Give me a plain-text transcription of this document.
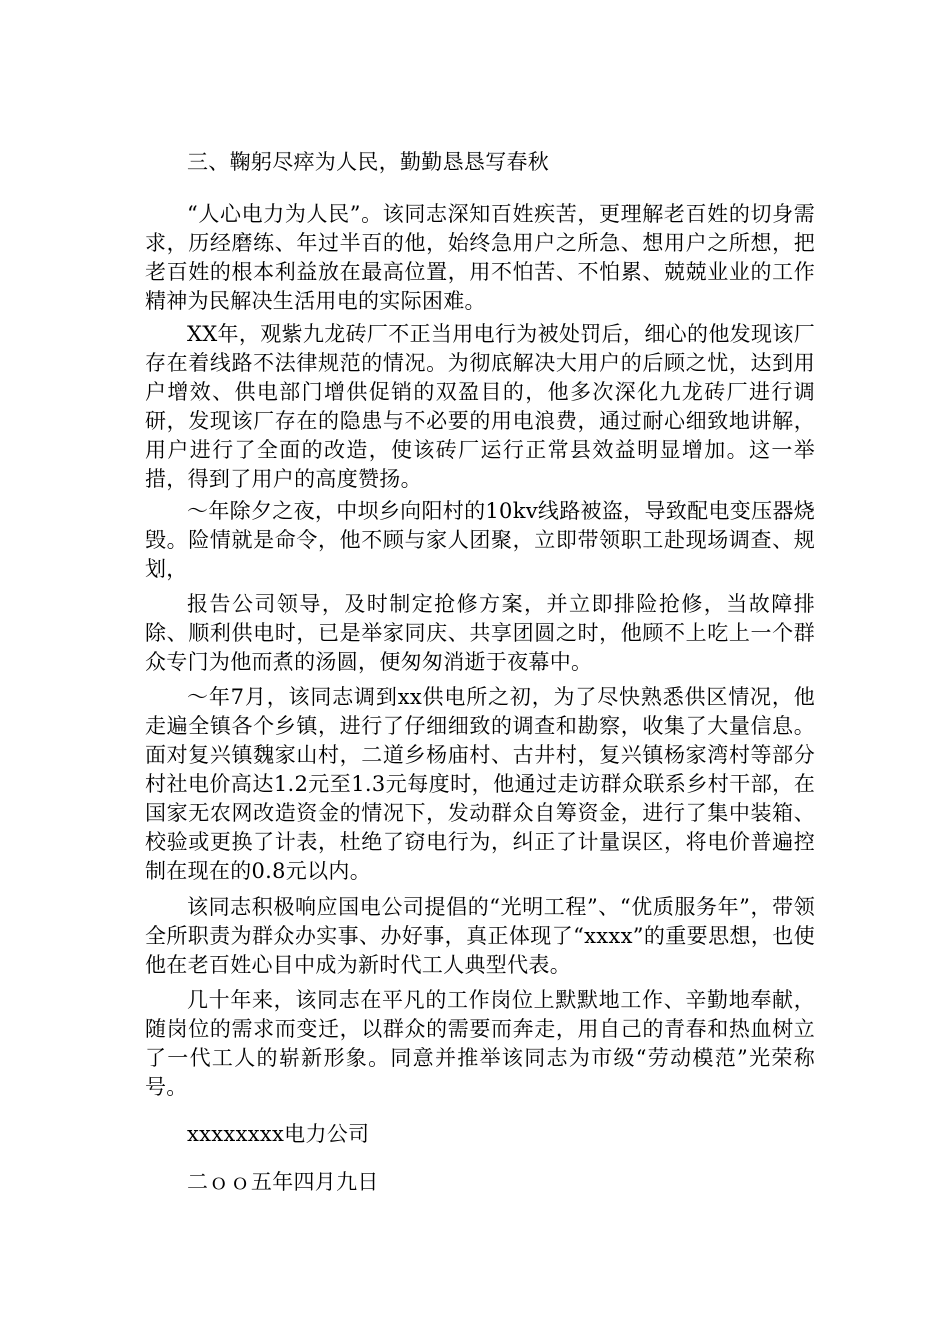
三、鞠躬尽瘁为人民，勤勤恳恳写春秋

“人心电力为人民”。该同志深知百姓疾苦，更理解老百姓的切身需求，历经磨练、年过半百的他，始终急用户之所急、想用户之所想，把老百姓的根本利益放在最高位置，用不怕苦、不怕累、兢兢业业的工作精神为民解决生活用电的实际困难。

XX年，观紫九龙砖厂不正当用电行为被处罚后，细心的他发现该厂存在着线路不法律规范的情况。为彻底解决大用户的后顾之忧，达到用户增效、供电部门增供促销的双盈目的，他多次深化九龙砖厂进行调研，发现该厂存在的隐患与不必要的用电浪费，通过耐心细致地讲解，用户进行了全面的改造，使该砖厂运行正常县效益明显增加。这一举措，得到了用户的高度赞扬。

～年除夕之夜，中坝乡向阳村的10kv线路被盗，导致配电变压器烧毁。险情就是命令，他不顾与家人团聚，立即带领职工赴现场调查、规划，

报告公司领导，及时制定抢修方案，并立即排险抢修，当故障排除、顺利供电时，已是举家同庆、共享团圆之时，他顾不上吃上一个群众专门为他而煮的汤圆，便匆匆消逝于夜幕中。

～年7月，该同志调到xx供电所之初，为了尽快熟悉供区情况，他走遍全镇各个乡镇，进行了仔细细致的调查和勘察，收集了大量信息。面对复兴镇魏家山村，二道乡杨庙村、古井村，复兴镇杨家湾村等部分村社电价高达1.2元至1.3元每度时，他通过走访群众联系乡村干部，在国家无农网改造资金的情况下，发动群众自筹资金，进行了集中装箱、校验或更换了计表，杜绝了窃电行为，纠正了计量误区，将电价普遍控制在现在的0.8元以内。

该同志积极响应国电公司提倡的“光明工程”、“优质服务年”，带领全所职责为群众办实事、办好事，真正体现了“xxxx”的重要思想，也使他在老百姓心目中成为新时代工人典型代表。

几十年来，该同志在平凡的工作岗位上默默地工作、辛勤地奉献，随岗位的需求而变迁，以群众的需要而奔走，用自己的青春和热血树立了一代工人的崭新形象。同意并推举该同志为市级“劳动模范”光荣称号。

xxxxxxxx电力公司

二ｏｏ五年四月九日
